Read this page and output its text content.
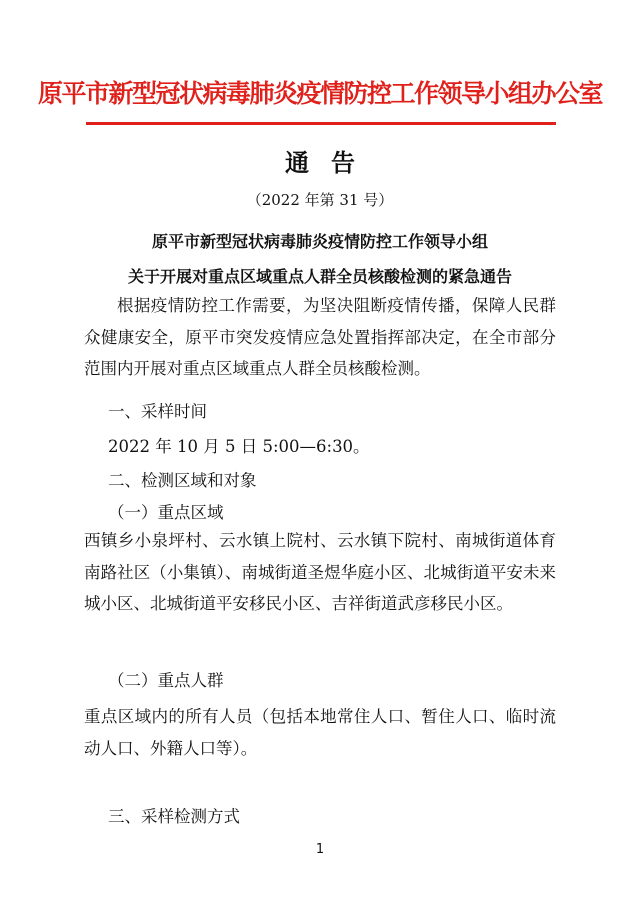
原平市新型冠状病毒肺炎疫情防控工作领导小组办公室
通告
（2022 年第 31 号）
原平市新型冠状病毒肺炎疫情防控工作领导小组
关于开展对重点区域重点人群全员核酸检测的紧急通告
根据疫情防控工作需要，为坚决阻断疫情传播，保障人民群众健康安全，原平市突发疫情应急处置指挥部决定，在全市部分范围内开展对重点区域重点人群全员核酸检测。
一、采样时间
2022 年 10 月 5 日 5:00—6:30。
二、检测区域和对象
（一）重点区域
西镇乡小泉坪村、云水镇上院村、云水镇下院村、南城街道体育南路社区（小集镇）、南城街道圣煜华庭小区、北城街道平安未来城小区、北城街道平安移民小区、吉祥街道武彦移民小区。
（二）重点人群
重点区域内的所有人员（包括本地常住人口、暂住人口、临时流动人口、外籍人口等）。
三、采样检测方式
1
